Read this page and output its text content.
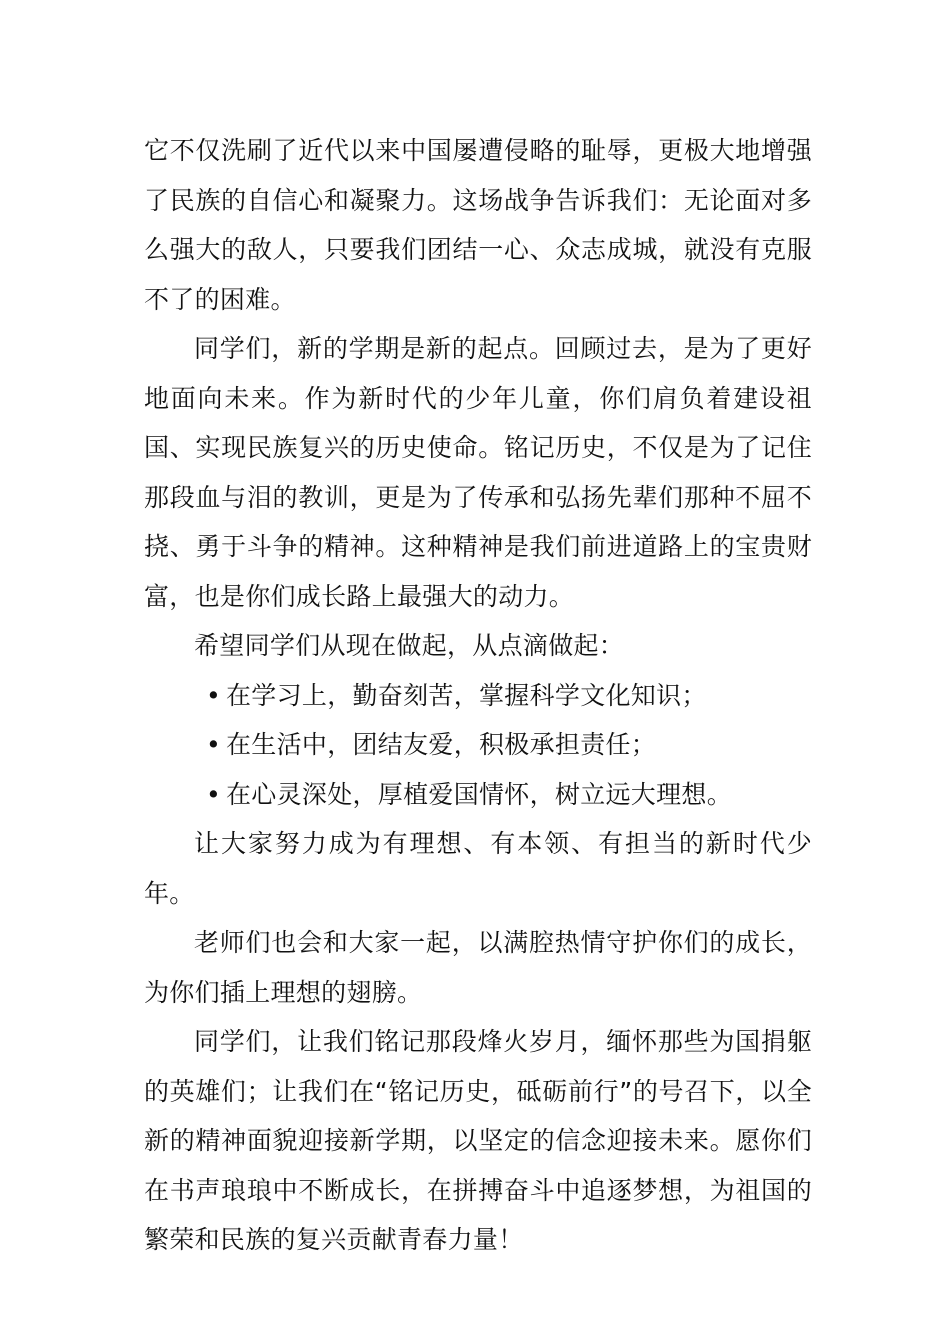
它不仅洗刷了近代以来中国屡遭侵略的耻辱，更极大地增强了民族的自信心和凝聚力。这场战争告诉我们：无论面对多么强大的敌人，只要我们团结一心、众志成城，就没有克服不了的困难。

同学们，新的学期是新的起点。回顾过去，是为了更好地面向未来。作为新时代的少年儿童，你们肩负着建设祖国、实现民族复兴的历史使命。铭记历史，不仅是为了记住那段血与泪的教训，更是为了传承和弘扬先辈们那种不屈不挠、勇于斗争的精神。这种精神是我们前进道路上的宝贵财富，也是你们成长路上最强大的动力。

希望同学们从现在做起，从点滴做起：

• 在学习上，勤奋刻苦，掌握科学文化知识；
• 在生活中，团结友爱，积极承担责任；
• 在心灵深处，厚植爱国情怀，树立远大理想。

让大家努力成为有理想、有本领、有担当的新时代少年。

老师们也会和大家一起，以满腔热情守护你们的成长，为你们插上理想的翅膀。

同学们，让我们铭记那段烽火岁月，缅怀那些为国捐躯的英雄们；让我们在“铭记历史，砥砺前行”的号召下，以全新的精神面貌迎接新学期，以坚定的信念迎接未来。愿你们在书声琅琅中不断成长，在拼搏奋斗中追逐梦想，为祖国的繁荣和民族的复兴贡献青春力量！
